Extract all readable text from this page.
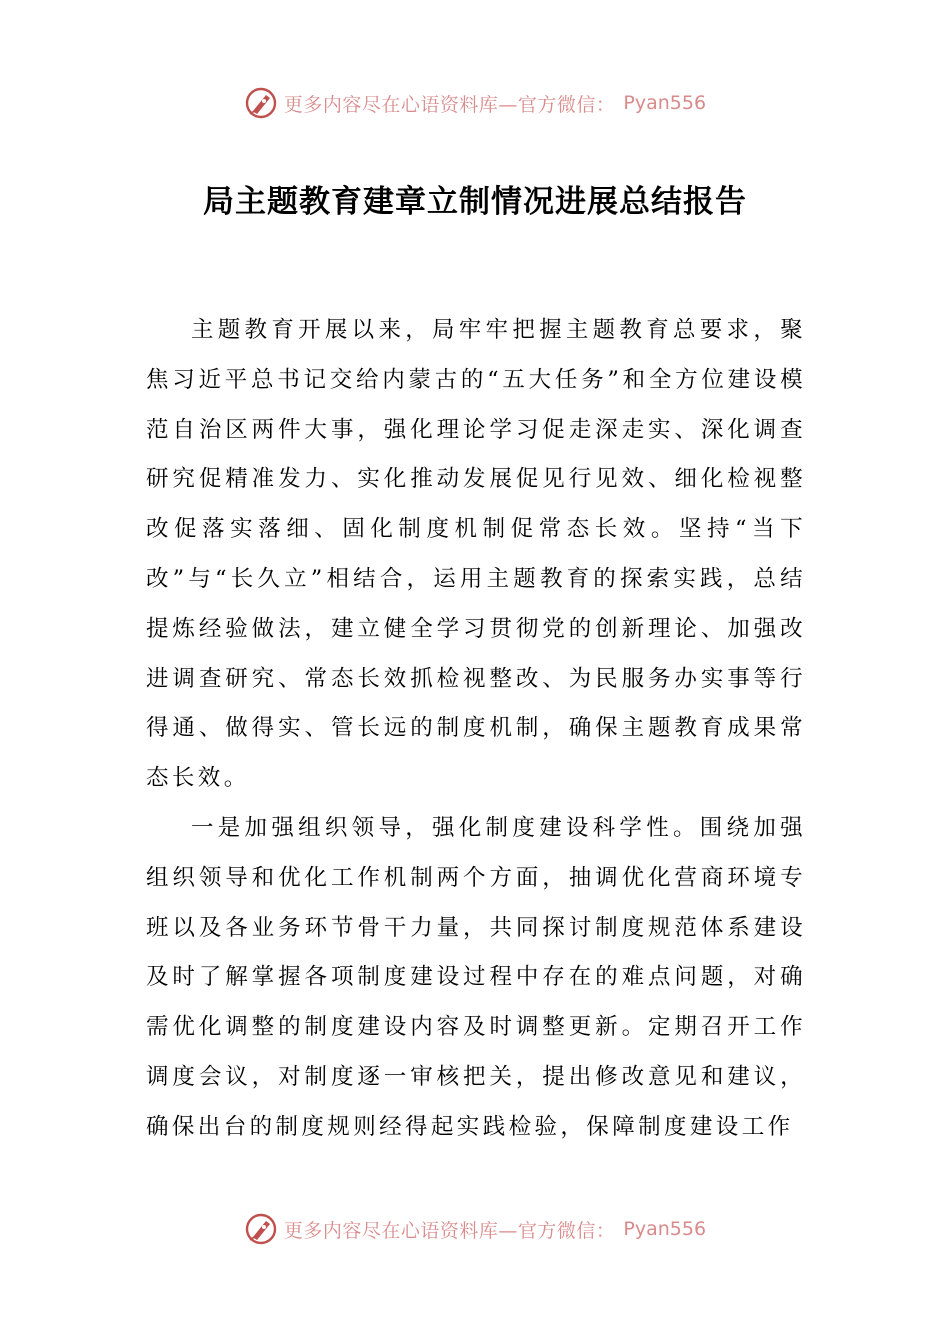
更多内容尽在心语资料库—官方微信： Pyan556
局主题教育建章立制情况进展总结报告

主题教育开展以来，局牢牢把握主题教育总要求，聚焦习近平总书记交给内蒙古的“五大任务”和全方位建设模范自治区两件大事，强化理论学习促走深走实、深化调查研究促精准发力、实化推动发展促见行见效、细化检视整改促落实落细、固化制度机制促常态长效。坚持“当下改”与“长久立”相结合，运用主题教育的探索实践，总结提炼经验做法，建立健全学习贯彻党的创新理论、加强改进调查研究、常态长效抓检视整改、为民服务办实事等行得通、做得实、管长远的制度机制，确保主题教育成果常态长效。

一是加强组织领导，强化制度建设科学性。围绕加强组织领导和优化工作机制两个方面，抽调优化营商环境专班以及各业务环节骨干力量，共同探讨制度规范体系建设及时了解掌握各项制度建设过程中存在的难点问题，对确需优化调整的制度建设内容及时调整更新。定期召开工作调度会议，对制度逐一审核把关，提出修改意见和建议，确保出台的制度规则经得起实践检验，保障制度建设工作

更多内容尽在心语资料库—官方微信： Pyan556
